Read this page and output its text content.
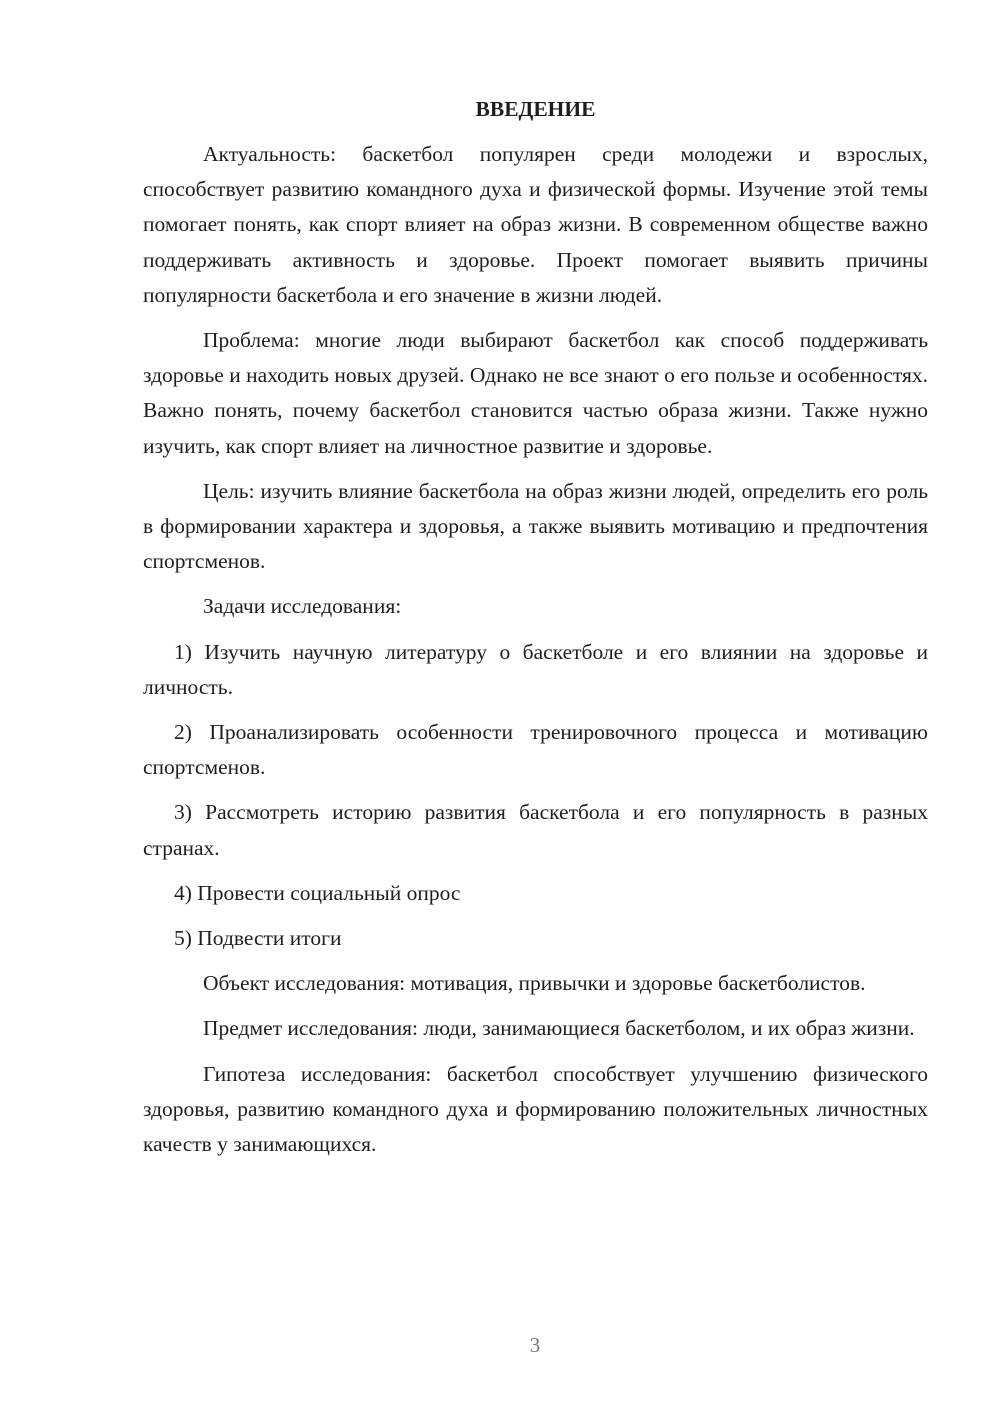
ВВЕДЕНИЕ

Актуальность: баскетбол популярен среди молодежи и взрослых, способствует развитию командного духа и физической формы. Изучение этой темы помогает понять, как спорт влияет на образ жизни. В современном обществе важно поддерживать активность и здоровье. Проект помогает выявить причины популярности баскетбола и его значение в жизни людей.

Проблема: многие люди выбирают баскетбол как способ поддерживать здоровье и находить новых друзей. Однако не все знают о его пользе и особенностях. Важно понять, почему баскетбол становится частью образа жизни. Также нужно изучить, как спорт влияет на личностное развитие и здоровье.

Цель: изучить влияние баскетбола на образ жизни людей, определить его роль в формировании характера и здоровья, а также выявить мотивацию и предпочтения спортсменов.

Задачи исследования:

1) Изучить научную литературу о баскетболе и его влиянии на здоровье и личность.

2) Проанализировать особенности тренировочного процесса и мотивацию спортсменов.

3) Рассмотреть историю развития баскетбола и его популярность в разных странах.

4) Провести социальный опрос

5) Подвести итоги

Объект исследования: мотивация, привычки и здоровье баскетболистов.

Предмет исследования: люди, занимающиеся баскетболом, и их образ жизни.

Гипотеза исследования: баскетбол способствует улучшению физического здоровья, развитию командного духа и формированию положительных личностных качеств у занимающихся.

3
